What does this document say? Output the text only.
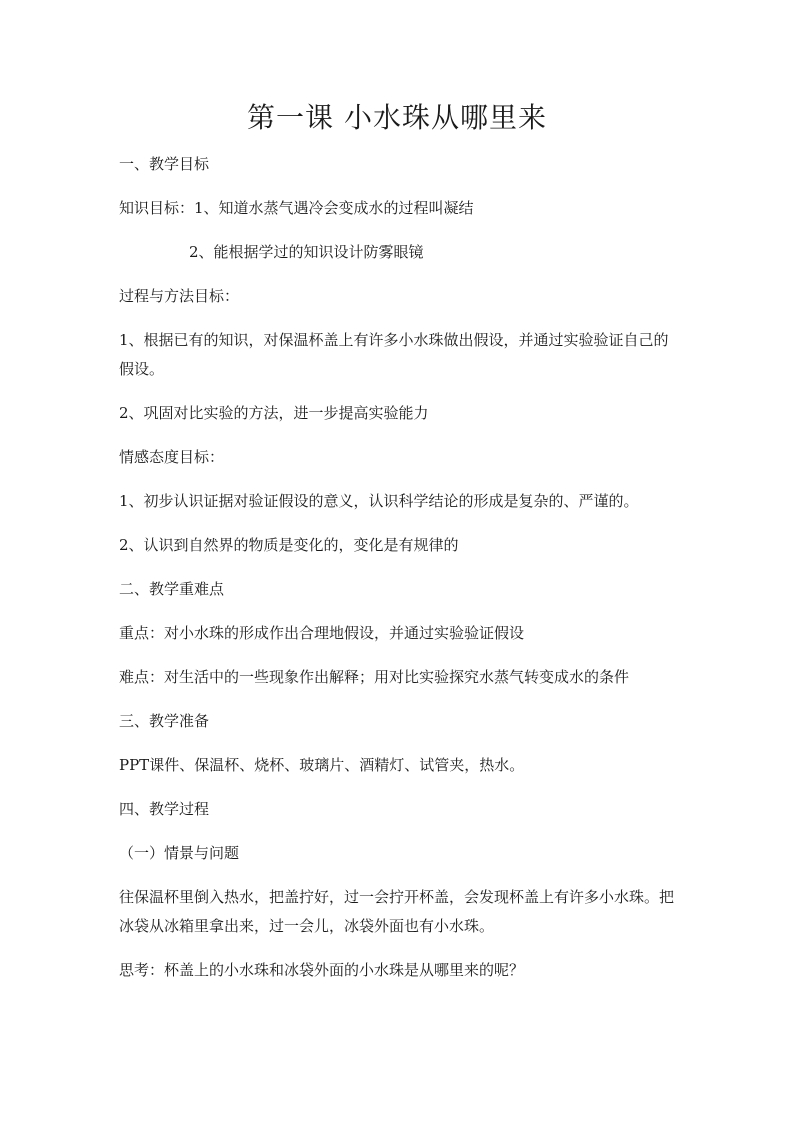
第一课 小水珠从哪里来

一、教学目标

知识目标：1、知道水蒸气遇冷会变成水的过程叫凝结

2、能根据学过的知识设计防雾眼镜

过程与方法目标：

1、根据已有的知识，对保温杯盖上有许多小水珠做出假设，并通过实验验证自己的假设。

2、巩固对比实验的方法，进一步提高实验能力

情感态度目标：

1、初步认识证据对验证假设的意义，认识科学结论的形成是复杂的、严谨的。

2、认识到自然界的物质是变化的，变化是有规律的

二、教学重难点

重点：对小水珠的形成作出合理地假设，并通过实验验证假设

难点：对生活中的一些现象作出解释；用对比实验探究水蒸气转变成水的条件

三、教学准备

PPT课件、保温杯、烧杯、玻璃片、酒精灯、试管夹，热水。

四、教学过程

（一）情景与问题

往保温杯里倒入热水，把盖拧好，过一会拧开杯盖，会发现杯盖上有许多小水珠。把冰袋从冰箱里拿出来，过一会儿，冰袋外面也有小水珠。

思考：杯盖上的小水珠和冰袋外面的小水珠是从哪里来的呢？
